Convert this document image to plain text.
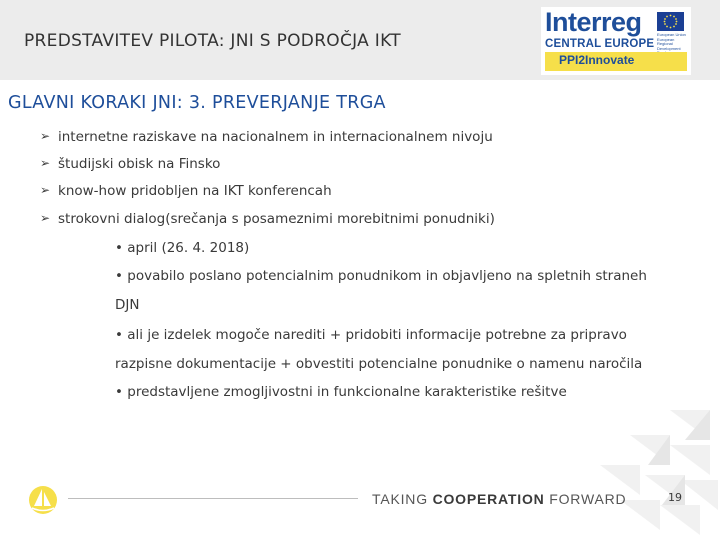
PREDSTAVITEV PILOTA: JNI S PODROČJA IKT
Interreg
CENTRAL EUROPE
European Union European Regional Development
PPI2Innovate
GLAVNI KORAKI JNI: 3. PREVERJANJE TRGA
➢ internetne raziskave na nacionalnem in internacionalnem nivoju
➢ študijski obisk na Finsko
➢ know-how pridobljen na IKT konferencah
➢ strokovni dialog(srečanja s posameznimi morebitnimi ponudniki)
• april (26. 4. 2018)
• povabilo poslano potencialnim ponudnikom in objavljeno na spletnih straneh
DJN
• ali je izdelek mogoče narediti + pridobiti informacije potrebne za pripravo
razpisne dokumentacije + obvestiti potencialne ponudnike o namenu naročila
• predstavljene zmogljivostni in funkcionalne karakteristike rešitve
TAKING COOPERATION FORWARD	19
